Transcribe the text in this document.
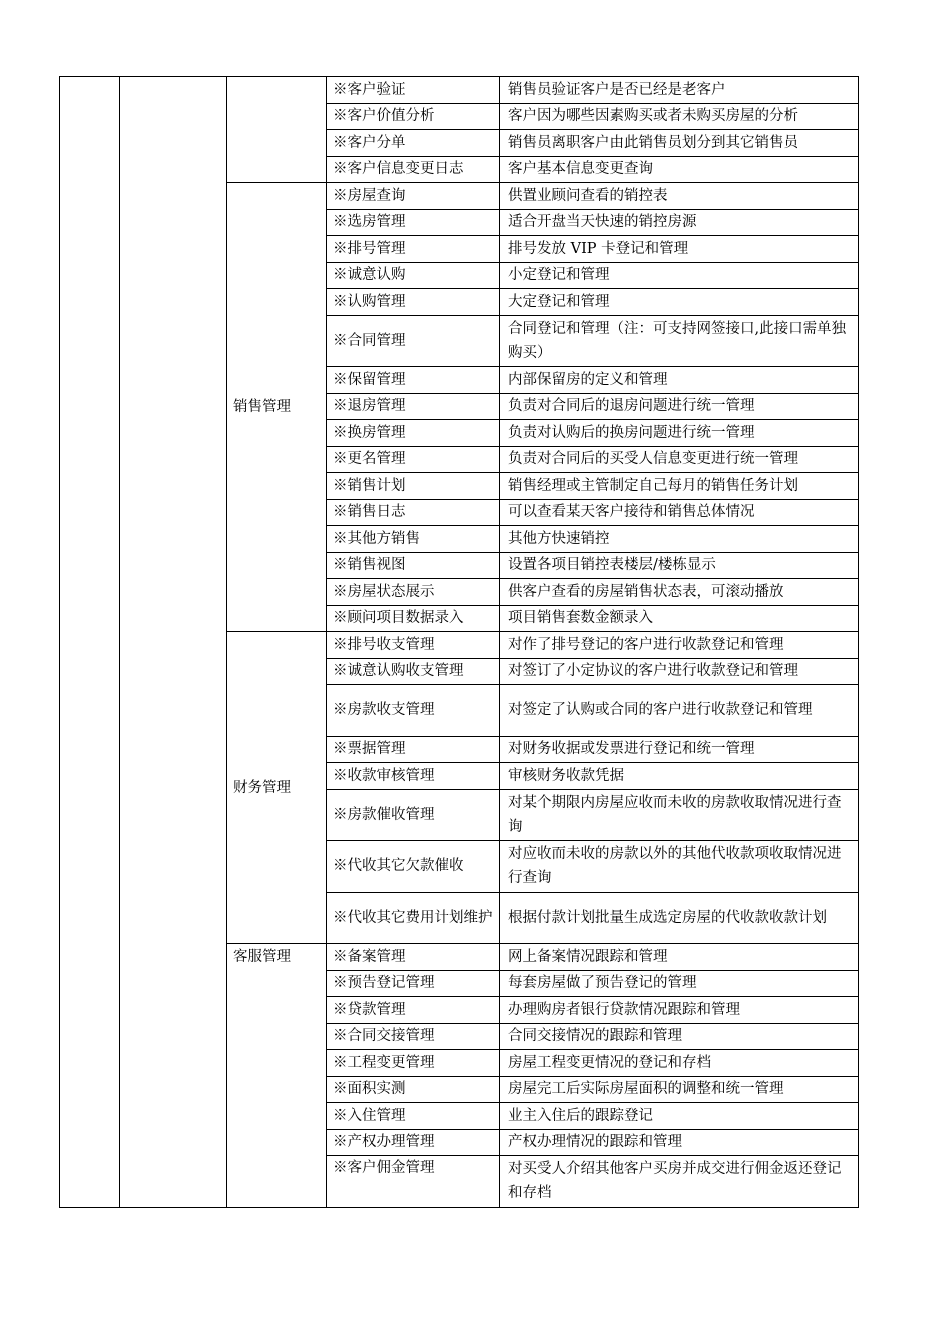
			※客户验证	销售员验证客户是否已经是老客户
			※客户价值分析	客户因为哪些因素购买或者未购买房屋的分析
			※客户分单	销售员离职客户由此销售员划分到其它销售员
			※客户信息变更日志	客户基本信息变更查询
		销售管理	※房屋查询	供置业顾问查看的销控表
			※选房管理	适合开盘当天快速的销控房源
			※排号管理	排号发放 VIP 卡登记和管理
			※诚意认购	小定登记和管理
			※认购管理	大定登记和管理
			※合同管理	合同登记和管理（注：可支持网签接口,此接口需单独购买）
			※保留管理	内部保留房的定义和管理
			※退房管理	负责对合同后的退房问题进行统一管理
			※换房管理	负责对认购后的换房问题进行统一管理
			※更名管理	负责对合同后的买受人信息变更进行统一管理
			※销售计划	销售经理或主管制定自己每月的销售任务计划
			※销售日志	可以查看某天客户接待和销售总体情况
			※其他方销售	其他方快速销控
			※销售视图	设置各项目销控表楼层/楼栋显示
			※房屋状态展示	供客户查看的房屋销售状态表，可滚动播放
			※顾问项目数据录入	项目销售套数金额录入
		财务管理	※排号收支管理	对作了排号登记的客户进行收款登记和管理
			※诚意认购收支管理	对签订了小定协议的客户进行收款登记和管理
			※房款收支管理	对签定了认购或合同的客户进行收款登记和管理
			※票据管理	对财务收据或发票进行登记和统一管理
			※收款审核管理	审核财务收款凭据
			※房款催收管理	对某个期限内房屋应收而未收的房款收取情况进行查询
			※代收其它欠款催收	对应收而未收的房款以外的其他代收款项收取情况进行查询
			※代收其它费用计划维护	根据付款计划批量生成选定房屋的代收款收款计划
		客服管理	※备案管理	网上备案情况跟踪和管理
			※预告登记管理	每套房屋做了预告登记的管理
			※贷款管理	办理购房者银行贷款情况跟踪和管理
			※合同交接管理	合同交接情况的跟踪和管理
			※工程变更管理	房屋工程变更情况的登记和存档
			※面积实测	房屋完工后实际房屋面积的调整和统一管理
			※入住管理	业主入住后的跟踪登记
			※产权办理管理	产权办理情况的跟踪和管理
			※客户佣金管理	对买受人介绍其他客户买房并成交进行佣金返还登记和存档
